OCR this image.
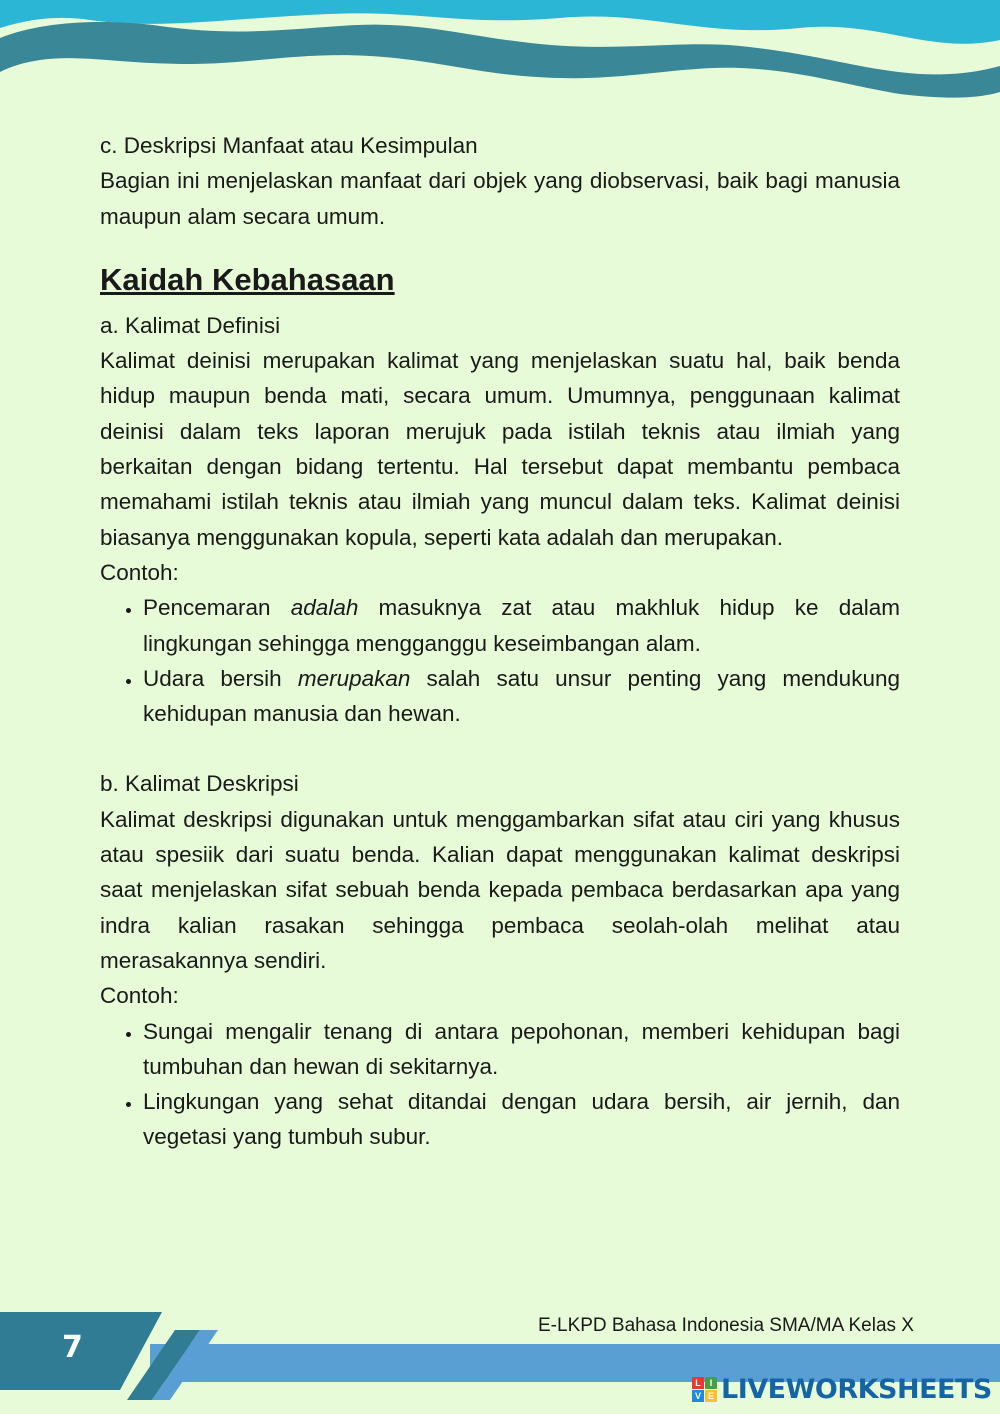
c. Deskripsi Manfaat atau Kesimpulan

Bagian ini menjelaskan manfaat dari objek yang diobservasi, baik bagi manusia maupun alam secara umum.

Kaidah Kebahasaan

a. Kalimat Definisi

Kalimat deinisi merupakan kalimat yang menjelaskan suatu hal, baik benda hidup maupun benda mati, secara umum. Umumnya, penggunaan kalimat deinisi dalam teks laporan merujuk pada istilah teknis atau ilmiah yang berkaitan dengan bidang tertentu. Hal tersebut dapat membantu pembaca memahami istilah teknis atau ilmiah yang muncul dalam teks. Kalimat deinisi biasanya menggunakan kopula, seperti kata adalah dan merupakan.

Contoh:

• Pencemaran adalah masuknya zat atau makhluk hidup ke dalam lingkungan sehingga mengganggu keseimbangan alam.
• Udara bersih merupakan salah satu unsur penting yang mendukung kehidupan manusia dan hewan.

b. Kalimat Deskripsi

Kalimat deskripsi digunakan untuk menggambarkan sifat atau ciri yang khusus atau spesiik dari suatu benda. Kalian dapat menggunakan kalimat deskripsi saat menjelaskan sifat sebuah benda kepada pembaca berdasarkan apa yang indra kalian rasakan sehingga pembaca seolah-olah melihat atau merasakannya sendiri.

Contoh:

• Sungai mengalir tenang di antara pepohonan, memberi kehidupan bagi tumbuhan dan hewan di sekitarnya.
• Lingkungan yang sehat ditandai dengan udara bersih, air jernih, dan vegetasi yang tumbuh subur.
7
E-LKPD Bahasa Indonesia SMA/MA Kelas X
L I
V E LIVEWORKSHEETS
